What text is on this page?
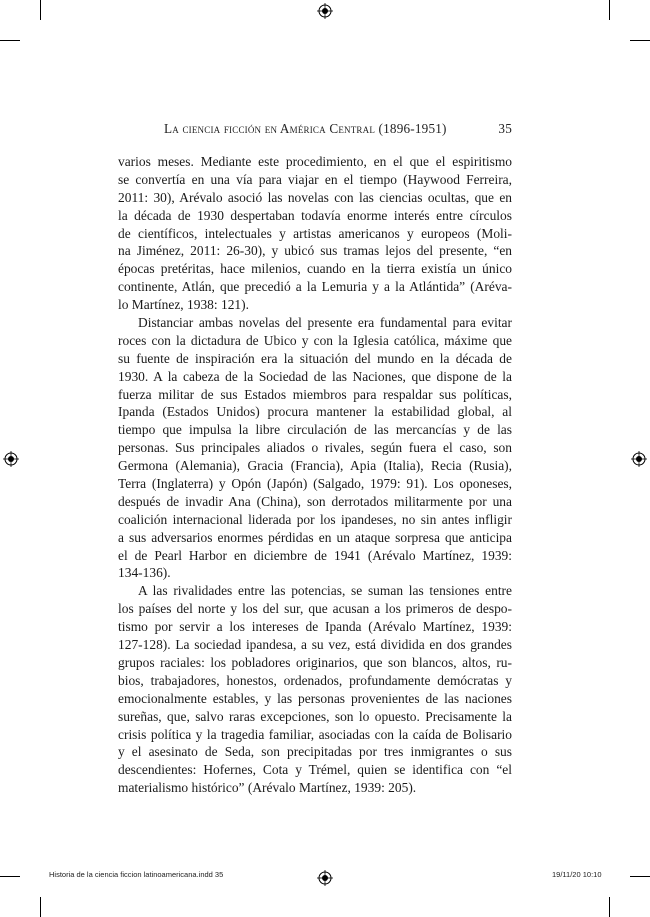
La ciencia ficción en América Central (1896-1951)	35
varios meses. Mediante este procedimiento, en el que el espiritismo
se convertía en una vía para viajar en el tiempo (Haywood Ferreira,
2011: 30), Arévalo asoció las novelas con las ciencias ocultas, que en
la década de 1930 despertaban todavía enorme interés entre círculos
de científicos, intelectuales y artistas americanos y europeos (Moli-
na Jiménez, 2011: 26-30), y ubicó sus tramas lejos del presente, “en
épocas pretéritas, hace milenios, cuando en la tierra existía un único
continente, Atlán, que precedió a la Lemuria y a la Atlántida” (Aréva-
lo Martínez, 1938: 121).
Distanciar ambas novelas del presente era fundamental para evitar
roces con la dictadura de Ubico y con la Iglesia católica, máxime que
su fuente de inspiración era la situación del mundo en la década de
1930. A la cabeza de la Sociedad de las Naciones, que dispone de la
fuerza militar de sus Estados miembros para respaldar sus políticas,
Ipanda (Estados Unidos) procura mantener la estabilidad global, al
tiempo que impulsa la libre circulación de las mercancías y de las
personas. Sus principales aliados o rivales, según fuera el caso, son
Germona (Alemania), Gracia (Francia), Apia (Italia), Recia (Rusia),
Terra (Inglaterra) y Opón (Japón) (Salgado, 1979: 91). Los oponeses,
después de invadir Ana (China), son derrotados militarmente por una
coalición internacional liderada por los ipandeses, no sin antes infligir
a sus adversarios enormes pérdidas en un ataque sorpresa que anticipa
el de Pearl Harbor en diciembre de 1941 (Arévalo Martínez, 1939:
134-136).
A las rivalidades entre las potencias, se suman las tensiones entre
los países del norte y los del sur, que acusan a los primeros de despo-
tismo por servir a los intereses de Ipanda (Arévalo Martínez, 1939:
127-128). La sociedad ipandesa, a su vez, está dividida en dos grandes
grupos raciales: los pobladores originarios, que son blancos, altos, ru-
bios, trabajadores, honestos, ordenados, profundamente demócratas y
emocionalmente estables, y las personas provenientes de las naciones
sureñas, que, salvo raras excepciones, son lo opuesto. Precisamente la
crisis política y la tragedia familiar, asociadas con la caída de Bolisario
y el asesinato de Seda, son precipitadas por tres inmigrantes o sus
descendientes: Hofernes, Cota y Trémel, quien se identifica con “el
materialismo histórico” (Arévalo Martínez, 1939: 205).
Historia de la ciencia ficcion latinoamericana.indd 35	19/11/20 10:10
